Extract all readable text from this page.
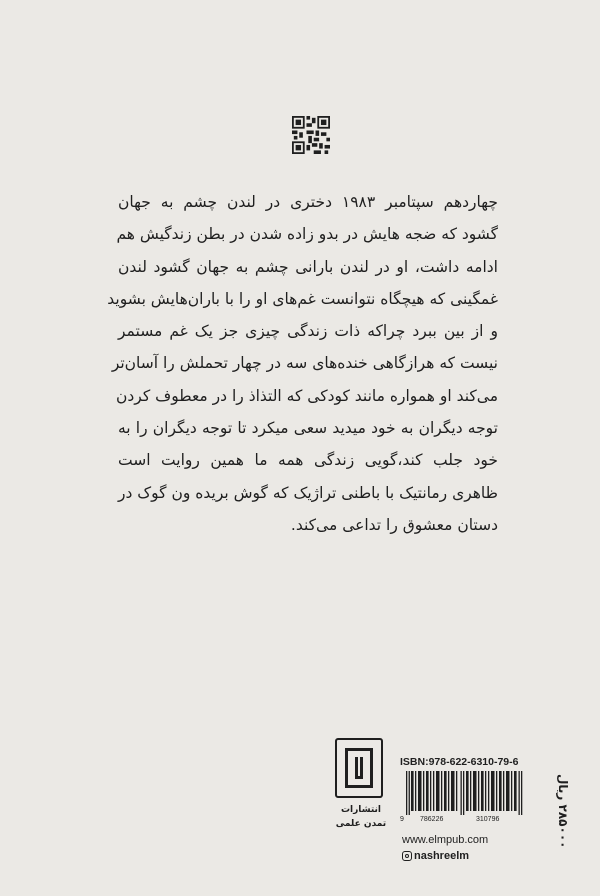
چهاردهم سپتامبر ۱۹۸۳ دختری در لندن چشم به جهان
گشود که ضجه هایش در بدو زاده شدن در بطن زندگیش هم
ادامه داشت، او در لندن بارانی چشم به جهان گشود لندن
غمگینی که هیچگاه نتوانست غم‌های او را با باران‌هایش بشوید
و از بین ببرد چراکه ذات زندگی چیزی جز یک غم مستمر
نیست که هرازگاهی خنده‌های سه در چهار تحملش را آسان‌تر
می‌کند او همواره مانند کودکی که التذاذ را در معطوف کردن
توجه دیگران به خود میدید سعی میکرد تا توجه دیگران را به
خود جلب کند،گویی زندگی همه ما همین روایت است
ظاهری رمانتیک با باطنی تراژیک که گوش بریده ون گوک در
دستان معشوق را تداعی می‌کند.
انتشارات
تمدن علمی
ISBN:978-622-6310-79-6
9 786226	310796
۲۸۵۰۰۰ ریال
www.elmpub.com
nashreelm
